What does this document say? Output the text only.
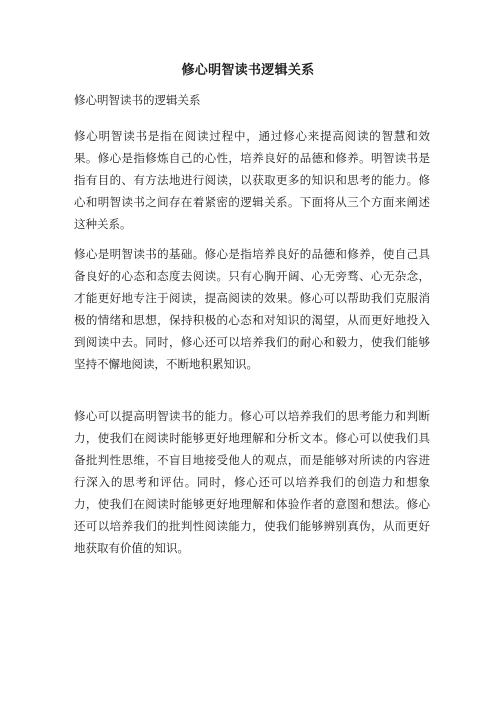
修心明智读书逻辑关系
修心明智读书的逻辑关系

修心明智读书是指在阅读过程中，通过修心来提高阅读的智慧和效果。修心是指修炼自己的心性，培养良好的品德和修养。明智读书是指有目的、有方法地进行阅读，以获取更多的知识和思考的能力。修心和明智读书之间存在着紧密的逻辑关系。下面将从三个方面来阐述这种关系。

修心是明智读书的基础。修心是指培养良好的品德和修养，使自己具备良好的心态和态度去阅读。只有心胸开阔、心无旁骛、心无杂念，才能更好地专注于阅读，提高阅读的效果。修心可以帮助我们克服消极的情绪和思想，保持积极的心态和对知识的渴望，从而更好地投入到阅读中去。同时，修心还可以培养我们的耐心和毅力，使我们能够坚持不懈地阅读，不断地积累知识。

修心可以提高明智读书的能力。修心可以培养我们的思考能力和判断力，使我们在阅读时能够更好地理解和分析文本。修心可以使我们具备批判性思维，不盲目地接受他人的观点，而是能够对所读的内容进行深入的思考和评估。同时，修心还可以培养我们的创造力和想象力，使我们在阅读时能够更好地理解和体验作者的意图和想法。修心还可以培养我们的批判性阅读能力，使我们能够辨别真伪，从而更好地获取有价值的知识。
